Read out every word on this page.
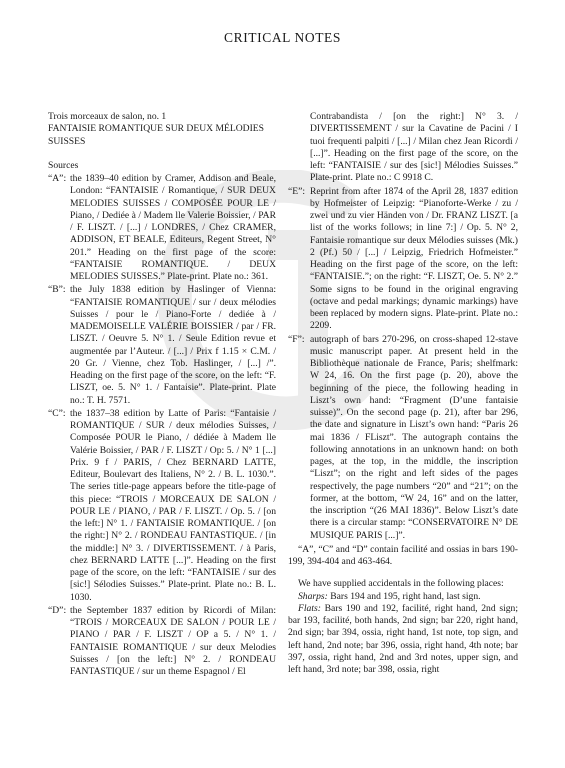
CRITICAL NOTES

Trois morceaux de salon, no. 1

FANTAISIE ROMANTIQUE SUR DEUX MÉLODIES SUISSES

Sources

“A”: the 1839–40 edition by Cramer, Addison and Beale, London: “FANTAISIE / Romantique, / SUR DEUX MELODIES SUISSES / COMPOSÉE POUR LE / Piano, / Dediée à / Madem lle Valerie Boissier, / PAR / F. LISZT. / [...] / LONDRES, / Chez CRAMER, ADDISON, ET BEALE, Editeurs, Regent Street, N° 201.” Heading on the first page of the score: “FANTAISIE ROMANTIQUE. / DEUX MELODIES SUISSES.” Plate-print. Plate no.: 361.
“B”: the July 1838 edition by Haslinger of Vienna: “FANTAISIE ROMANTIQUE / sur / deux mélodies Suisses / pour le / Piano-Forte / dediée à / MADEMOISELLE VALÉRIE BOISSIER / par / FR. LISZT. / Oeuvre 5. N° 1. / Seule Edition revue et augmentée par l’Auteur. / [...] / Prix f 1.15 × C.M. / 20 Gr. / Vienne, chez Tob. Haslinger, / [...] /”. Heading on the first page of the score, on the left: “F. LISZT, oe. 5. N° 1. / Fantaisie”. Plate-print. Plate no.: T. H. 7571.
“C”: the 1837–38 edition by Latte of Paris: “Fantaisie / ROMANTIQUE / SUR / deux mélodies Suisses, / Composée POUR le Piano, / dédiée à Madem lle Valérie Boissier, / PAR / F. LISZT / Op: 5. / N° 1 [...] Prix. 9 f / PARIS, / Chez BERNARD LATTE, Editeur, Boulevart des Italiens, N° 2. / B. L. 1030.”. The series title-page appears before the title-page of this piece: “TROIS / MORCEAUX DE SALON / POUR LE / PIANO, / PAR / F. LISZT. / Op. 5. / [on the left:] N° 1. / FANTAISIE ROMANTIQUE. / [on the right:] N° 2. / RONDEAU FANTASTIQUE. / [in the middle:] N° 3. / DIVERTISSEMENT. / à Paris, chez BERNARD LATTE [...]”. Heading on the first page of the score, on the left: “FANTAISIE / sur des [sic!] Sélodies Suisses.” Plate-print. Plate no.: B. L. 1030.
“D”: the September 1837 edition by Ricordi of Milan: “TROIS / MORCEAUX DE SALON / POUR LE / PIANO / PAR / F. LISZT / OP a 5. / N° 1. / FANTAISIE ROMANTIQUE / sur deux Melodies Suisses / [on the left:] N° 2. / RONDEAU FANTASTIQUE / sur un theme Espagnol / El

Contrabandista / [on the right:] N° 3. / DIVERTISSEMENT / sur la Cavatine de Pacini / I tuoi frequenti palpiti / [...] / Milan chez Jean Ricordi / [...]”. Heading on the first page of the score, on the left: “FANTAISIE / sur des [sic!] Mélodies Suisses.” Plate-print. Plate no.: C 9918 C.

“E”: Reprint from after 1874 of the April 28, 1837 edition by Hofmeister of Leipzig: “Pianoforte-Werke / zu / zwei und zu vier Händen von / Dr. FRANZ LISZT. [a list of the works follows; in line 7:] / Op. 5. N° 2, Fantaisie romantique sur deux Mélodies suisses (Mk.) 2 (Pf.) 50 / [...] / Leipzig, Friedrich Hofmeister.” Heading on the first page of the score, on the left: “FANTAISIE.”; on the right: “F. LISZT, Oe. 5. N° 2.” Some signs to be found in the original engraving (octave and pedal markings; dynamic markings) have been replaced by modern signs. Plate-print. Plate no.: 2209.
“F”: autograph of bars 270-296, on cross-shaped 12-stave music manuscript paper. At present held in the Bibliothèque nationale de France, Paris; shelfmark: W 24, 16. On the first page (p. 20), above the beginning of the piece, the following heading in Liszt’s own hand: “Fragment (D’une fantaisie suisse)”. On the second page (p. 21), after bar 296, the date and signature in Liszt’s own hand: “Paris 26 mai 1836 / FLiszt”. The autograph contains the following annotations in an unknown hand: on both pages, at the top, in the middle, the inscription “Liszt”; on the right and left sides of the pages respectively, the page numbers “20” and “21”; on the former, at the bottom, “W 24, 16” and on the latter, the inscription “(26 MAI 1836)”. Below Liszt’s date there is a circular stamp: “CONSERVATOIRE N° DE MUSIQUE PARIS [...]”.

“A”, “C” and “D” contain facilité and ossias in bars 190-199, 394-404 and 463-464.

We have supplied accidentals in the following places:

Sharps: Bars 194 and 195, right hand, last sign.

Flats: Bars 190 and 192, facilité, right hand, 2nd sign; bar 193, facilité, both hands, 2nd sign; bar 220, right hand, 2nd sign; bar 394, ossia, right hand, 1st note, top sign, and left hand, 2nd note; bar 396, ossia, right hand, 4th note; bar 397, ossia, right hand, 2nd and 3rd notes, upper sign, and left hand, 3rd note; bar 398, ossia, right
